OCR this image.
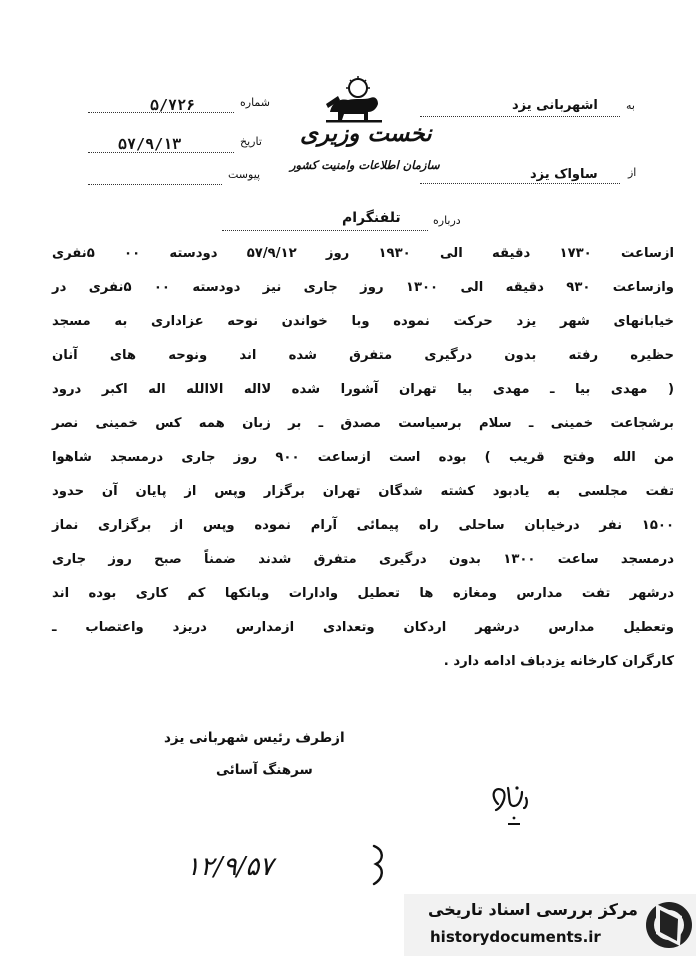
شماره
۵/۷۲۶
تاریخ
۵۷/۹/۱۳
پیوست
نخست وزیری
سازمان اطلاعات وامنیت کشور
به
اشهربانی یزد
از
ساواک یزد
درباره
تلفنگرام
ازساعت ۱۷۳۰ دقیقه الی ۱۹۳۰ روز ۵۷/۹/۱۲ دودسته ۰۰ ۵نفری
وازساعت ۹۳۰ دقیقه الی ۱۳۰۰ روز جاری نیز دودسته ۰۰ ۵نفری در
خیابانهای شهر یزد حرکت نموده وبا خواندن نوحه عزاداری به مسجد
حظیره رفته بدون درگیری متفرق شده اند ونوحه های آنان
( مهدی بیا ـ مهدی بیا تهران آشورا شده لااله الاالله اله اکبر درود
برشجاعت خمینی ـ سلام برسیاست مصدق ـ بر زبان همه کس خمینی نصر
من الله وفتح قریب ) بوده است ازساعت ۹۰۰ روز جاری درمسجد شاهوا
تفت مجلسی به یادبود کشته شدگان تهران برگزار وپس از پایان آن حدود
۱۵۰۰ نفر درخیابان ساحلی راه پیمائی آرام نموده وپس از برگزاری نماز
درمسجد ساعت ۱۳۰۰ بدون درگیری متفرق شدند ضمناً صبح روز جاری
درشهر تفت مدارس ومغازه ها تعطیل وادارات وبانکها کم کاری بوده اند
وتعطیل مدارس درشهر اردکان وتعدادی ازمدارس دریزد واعتصاب ـ
کارگران کارخانه یزدباف ادامه دارد .
ازطرف رئیس شهربانی یزد
سرهنگ آسائی
۱۲/۹/۵۷
مرکز بررسی اسناد تاریخی
historydocuments.ir
